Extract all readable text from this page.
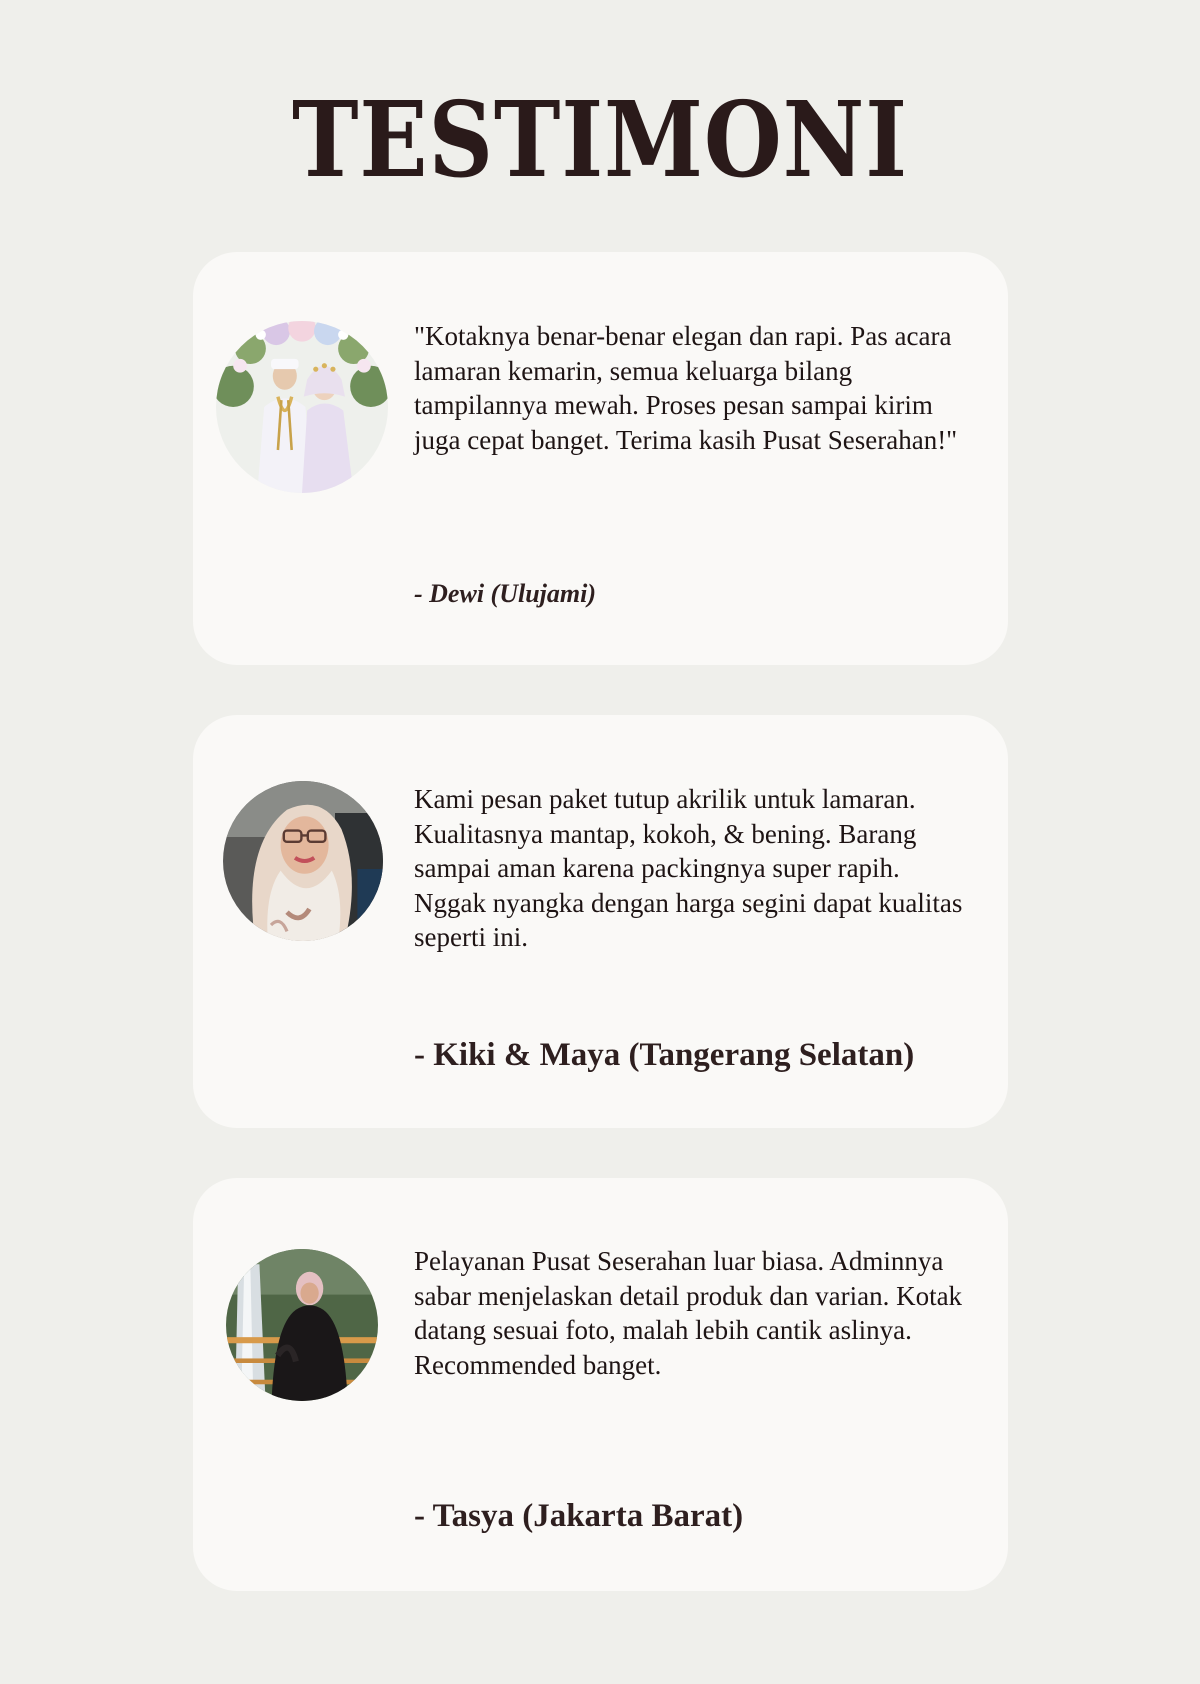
TESTIMONI

"Kotaknya benar-benar elegan dan rapi. Pas acara lamaran kemarin, semua keluarga bilang tampilannya mewah. Proses pesan sampai kirim juga cepat banget. Terima kasih Pusat Seserahan!"

- Dewi (Ulujami)

Kami pesan paket tutup akrilik untuk lamaran. Kualitasnya mantap, kokoh, & bening. Barang sampai aman karena packingnya super rapih. Nggak nyangka dengan harga segini dapat kualitas seperti ini.

- Kiki & Maya (Tangerang Selatan)

Pelayanan Pusat Seserahan luar biasa. Adminnya sabar menjelaskan detail produk dan varian. Kotak datang sesuai foto, malah lebih cantik aslinya. Recommended banget.

- Tasya (Jakarta Barat)
